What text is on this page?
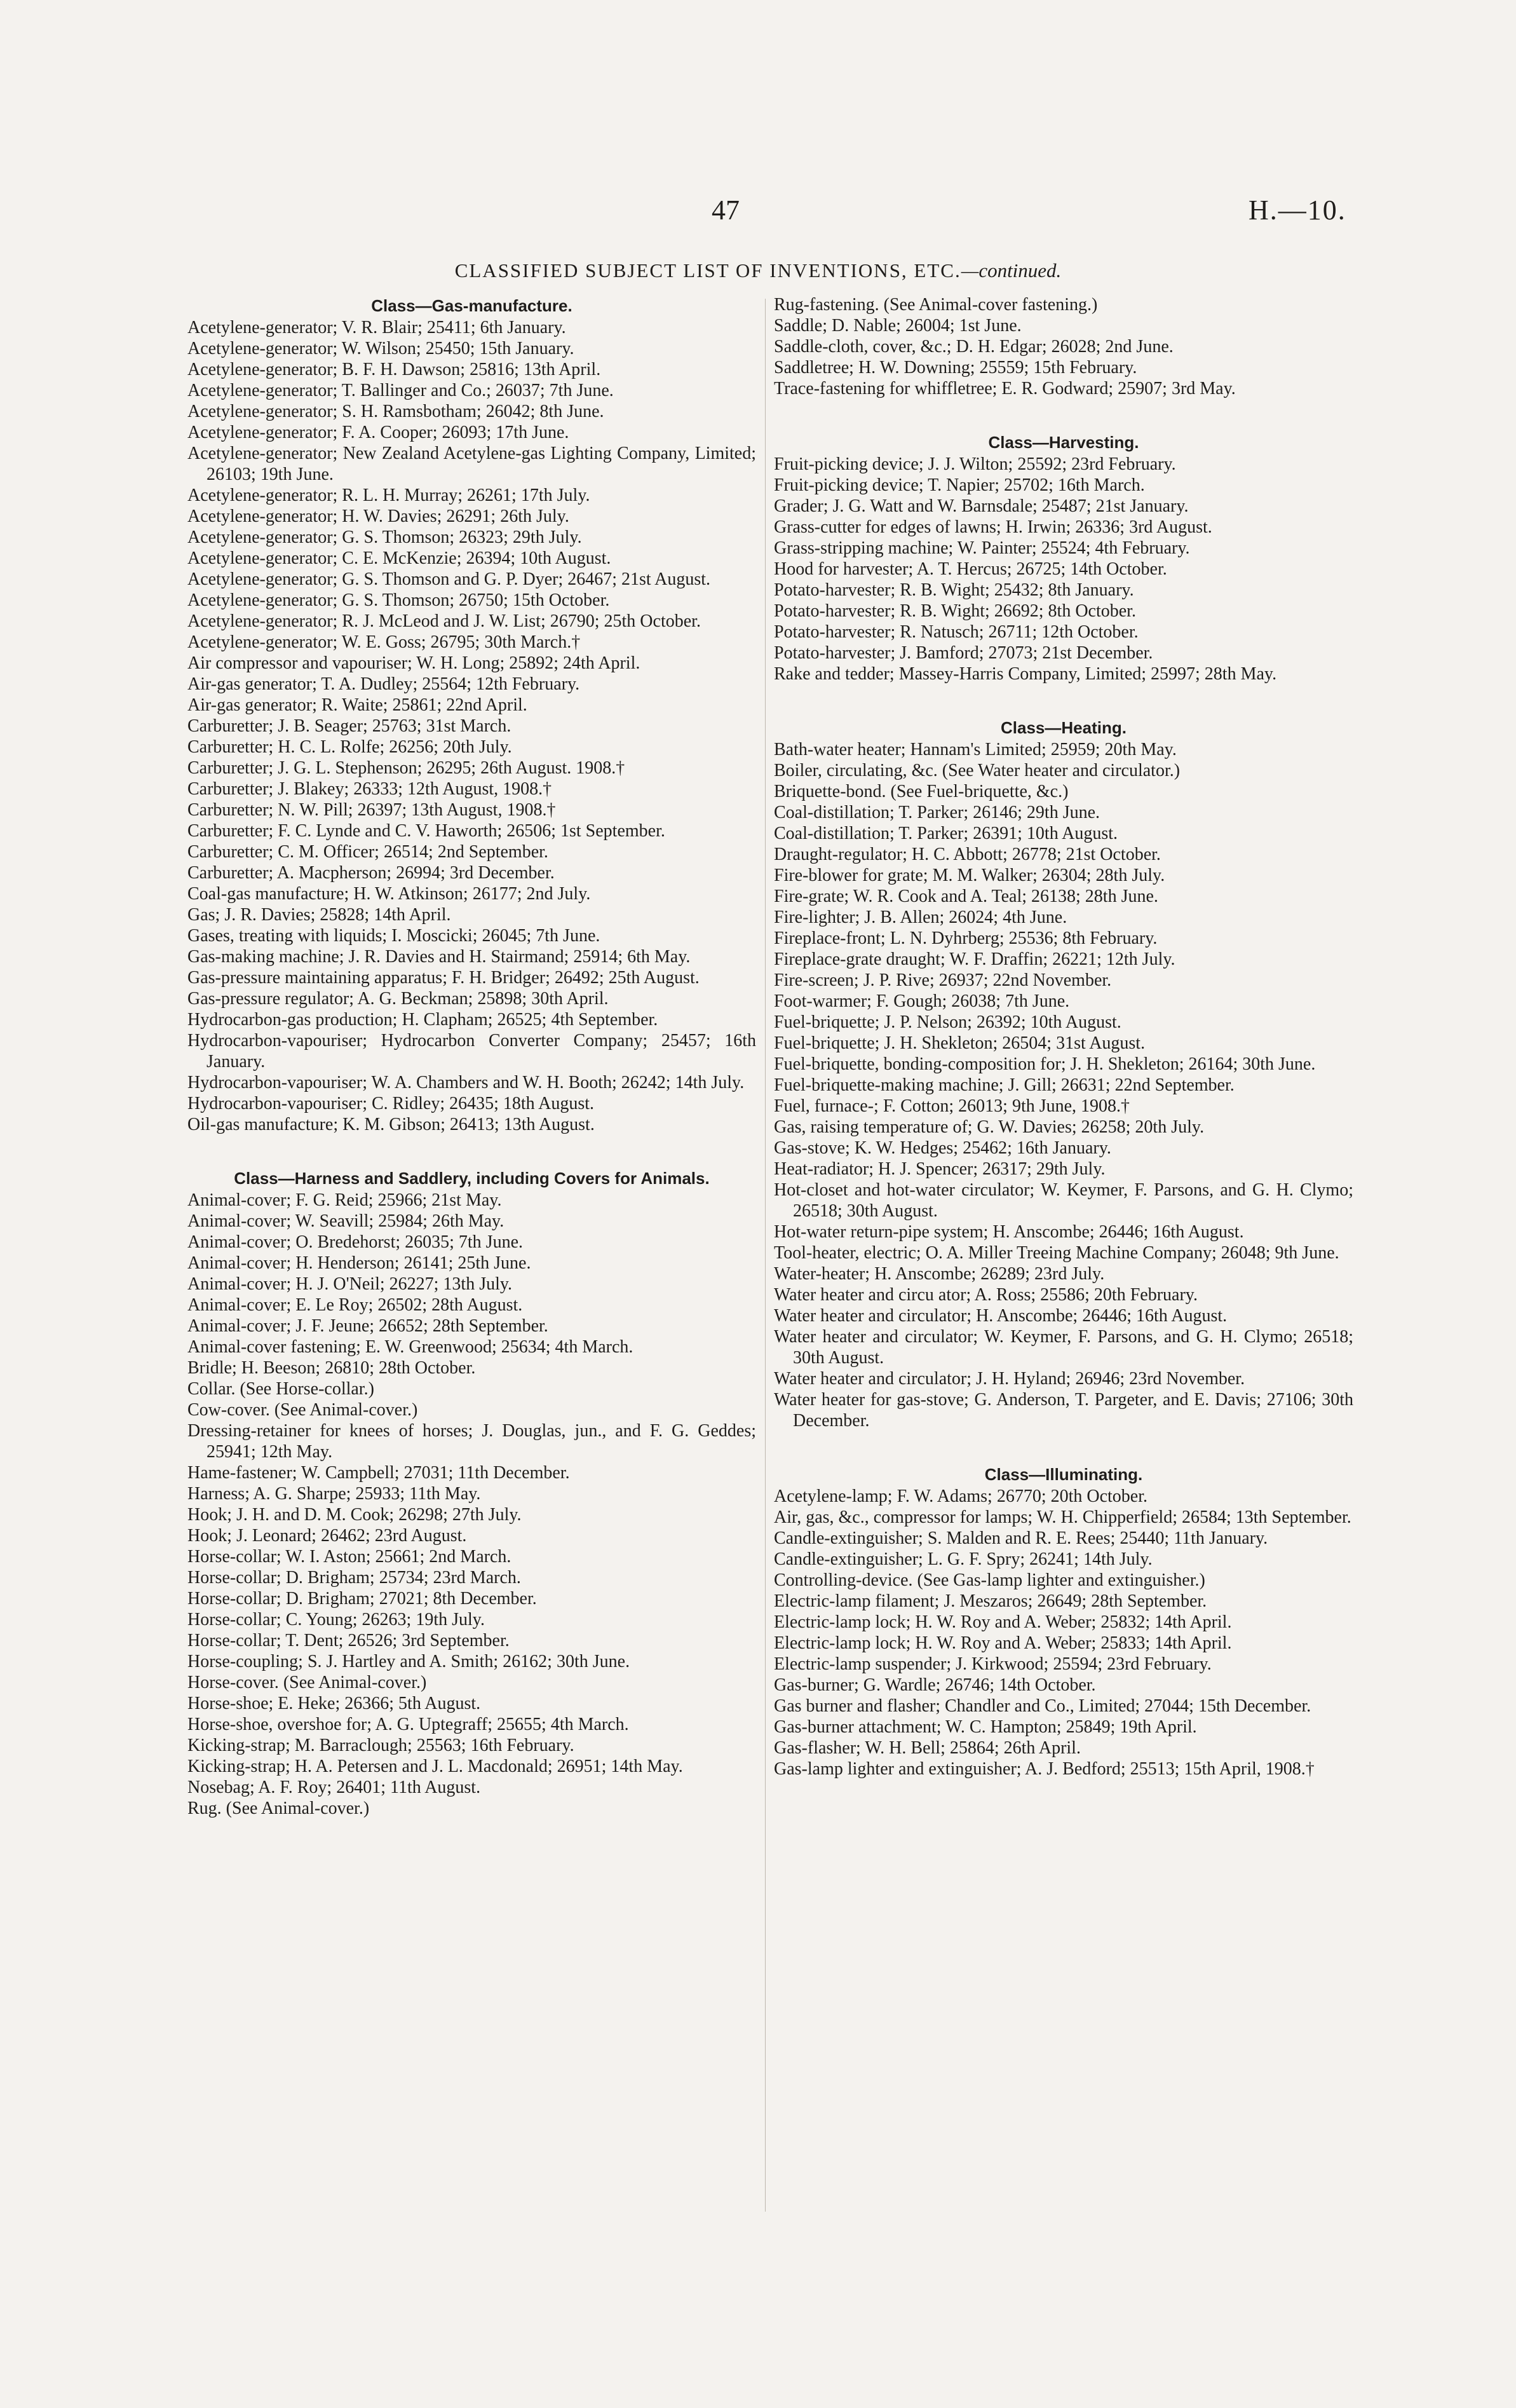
47	H.—10.
CLASSIFIED SUBJECT LIST OF INVENTIONS, ETC.—continued.
Class—Gas-manufacture.
Acetylene-generator; V. R. Blair; 25411; 6th January.
Acetylene-generator; W. Wilson; 25450; 15th January.
Acetylene-generator; B. F. H. Dawson; 25816; 13th April.
Acetylene-generator; T. Ballinger and Co.; 26037; 7th June.
Acetylene-generator; S. H. Ramsbotham; 26042; 8th June.
Acetylene-generator; F. A. Cooper; 26093; 17th June.
Acetylene-generator; New Zealand Acetylene-gas Lighting Company, Limited; 26103; 19th June.
Acetylene-generator; R. L. H. Murray; 26261; 17th July.
Acetylene-generator; H. W. Davies; 26291; 26th July.
Acetylene-generator; G. S. Thomson; 26323; 29th July.
Acetylene-generator; C. E. McKenzie; 26394; 10th August.
Acetylene-generator; G. S. Thomson and G. P. Dyer; 26467; 21st August.
Acetylene-generator; G. S. Thomson; 26750; 15th October.
Acetylene-generator; R. J. McLeod and J. W. List; 26790; 25th October.
Acetylene-generator; W. E. Goss; 26795; 30th March.†
Air compressor and vapouriser; W. H. Long; 25892; 24th April.
Air-gas generator; T. A. Dudley; 25564; 12th February.
Air-gas generator; R. Waite; 25861; 22nd April.
Carburetter; J. B. Seager; 25763; 31st March.
Carburetter; H. C. L. Rolfe; 26256; 20th July.
Carburetter; J. G. L. Stephenson; 26295; 26th August. 1908.†
Carburetter; J. Blakey; 26333; 12th August, 1908.†
Carburetter; N. W. Pill; 26397; 13th August, 1908.†
Carburetter; F. C. Lynde and C. V. Haworth; 26506; 1st September.
Carburetter; C. M. Officer; 26514; 2nd September.
Carburetter; A. Macpherson; 26994; 3rd December.
Coal-gas manufacture; H. W. Atkinson; 26177; 2nd July.
Gas; J. R. Davies; 25828; 14th April.
Gases, treating with liquids; I. Moscicki; 26045; 7th June.
Gas-making machine; J. R. Davies and H. Stairmand; 25914; 6th May.
Gas-pressure maintaining apparatus; F. H. Bridger; 26492; 25th August.
Gas-pressure regulator; A. G. Beckman; 25898; 30th April.
Hydrocarbon-gas production; H. Clapham; 26525; 4th September.
Hydrocarbon-vapouriser; Hydrocarbon Converter Company; 25457; 16th January.
Hydrocarbon-vapouriser; W. A. Chambers and W. H. Booth; 26242; 14th July.
Hydrocarbon-vapouriser; C. Ridley; 26435; 18th August.
Oil-gas manufacture; K. M. Gibson; 26413; 13th August.
Class—Harness and Saddlery, including Covers for Animals.
Animal-cover; F. G. Reid; 25966; 21st May.
Animal-cover; W. Seavill; 25984; 26th May.
Animal-cover; O. Bredehorst; 26035; 7th June.
Animal-cover; H. Henderson; 26141; 25th June.
Animal-cover; H. J. O'Neil; 26227; 13th July.
Animal-cover; E. Le Roy; 26502; 28th August.
Animal-cover; J. F. Jeune; 26652; 28th September.
Animal-cover fastening; E. W. Greenwood; 25634; 4th March.
Bridle; H. Beeson; 26810; 28th October.
Collar. (See Horse-collar.)
Cow-cover. (See Animal-cover.)
Dressing-retainer for knees of horses; J. Douglas, jun., and F. G. Geddes; 25941; 12th May.
Hame-fastener; W. Campbell; 27031; 11th December.
Harness; A. G. Sharpe; 25933; 11th May.
Hook; J. H. and D. M. Cook; 26298; 27th July.
Hook; J. Leonard; 26462; 23rd August.
Horse-collar; W. I. Aston; 25661; 2nd March.
Horse-collar; D. Brigham; 25734; 23rd March.
Horse-collar; D. Brigham; 27021; 8th December.
Horse-collar; C. Young; 26263; 19th July.
Horse-collar; T. Dent; 26526; 3rd September.
Horse-coupling; S. J. Hartley and A. Smith; 26162; 30th June.
Horse-cover. (See Animal-cover.)
Horse-shoe; E. Heke; 26366; 5th August.
Horse-shoe, overshoe for; A. G. Uptegraff; 25655; 4th March.
Kicking-strap; M. Barraclough; 25563; 16th February.
Kicking-strap; H. A. Petersen and J. L. Macdonald; 26951; 14th May.
Nosebag; A. F. Roy; 26401; 11th August.
Rug. (See Animal-cover.)
Rug-fastening. (See Animal-cover fastening.)
Saddle; D. Nable; 26004; 1st June.
Saddle-cloth, cover, &c.; D. H. Edgar; 26028; 2nd June.
Saddletree; H. W. Downing; 25559; 15th February.
Trace-fastening for whiffletree; E. R. Godward; 25907; 3rd May.
Class—Harvesting.
Fruit-picking device; J. J. Wilton; 25592; 23rd February.
Fruit-picking device; T. Napier; 25702; 16th March.
Grader; J. G. Watt and W. Barnsdale; 25487; 21st January.
Grass-cutter for edges of lawns; H. Irwin; 26336; 3rd August.
Grass-stripping machine; W. Painter; 25524; 4th February.
Hood for harvester; A. T. Hercus; 26725; 14th October.
Potato-harvester; R. B. Wight; 25432; 8th January.
Potato-harvester; R. B. Wight; 26692; 8th October.
Potato-harvester; R. Natusch; 26711; 12th October.
Potato-harvester; J. Bamford; 27073; 21st December.
Rake and tedder; Massey-Harris Company, Limited; 25997; 28th May.
Class—Heating.
Bath-water heater; Hannam's Limited; 25959; 20th May.
Boiler, circulating, &c. (See Water heater and circulator.)
Briquette-bond. (See Fuel-briquette, &c.)
Coal-distillation; T. Parker; 26146; 29th June.
Coal-distillation; T. Parker; 26391; 10th August.
Draught-regulator; H. C. Abbott; 26778; 21st October.
Fire-blower for grate; M. M. Walker; 26304; 28th July.
Fire-grate; W. R. Cook and A. Teal; 26138; 28th June.
Fire-lighter; J. B. Allen; 26024; 4th June.
Fireplace-front; L. N. Dyhrberg; 25536; 8th February.
Fireplace-grate draught; W. F. Draffin; 26221; 12th July.
Fire-screen; J. P. Rive; 26937; 22nd November.
Foot-warmer; F. Gough; 26038; 7th June.
Fuel-briquette; J. P. Nelson; 26392; 10th August.
Fuel-briquette; J. H. Shekleton; 26504; 31st August.
Fuel-briquette, bonding-composition for; J. H. Shekleton; 26164; 30th June.
Fuel-briquette-making machine; J. Gill; 26631; 22nd September.
Fuel, furnace-; F. Cotton; 26013; 9th June, 1908.†
Gas, raising temperature of; G. W. Davies; 26258; 20th July.
Gas-stove; K. W. Hedges; 25462; 16th January.
Heat-radiator; H. J. Spencer; 26317; 29th July.
Hot-closet and hot-water circulator; W. Keymer, F. Parsons, and G. H. Clymo; 26518; 30th August.
Hot-water return-pipe system; H. Anscombe; 26446; 16th August.
Tool-heater, electric; O. A. Miller Treeing Machine Company; 26048; 9th June.
Water-heater; H. Anscombe; 26289; 23rd July.
Water heater and circu ator; A. Ross; 25586; 20th February.
Water heater and circulator; H. Anscombe; 26446; 16th August.
Water heater and circulator; W. Keymer, F. Parsons, and G. H. Clymo; 26518; 30th August.
Water heater and circulator; J. H. Hyland; 26946; 23rd November.
Water heater for gas-stove; G. Anderson, T. Pargeter, and E. Davis; 27106; 30th December.
Class—Illuminating.
Acetylene-lamp; F. W. Adams; 26770; 20th October.
Air, gas, &c., compressor for lamps; W. H. Chipperfield; 26584; 13th September.
Candle-extinguisher; S. Malden and R. E. Rees; 25440; 11th January.
Candle-extinguisher; L. G. F. Spry; 26241; 14th July.
Controlling-device. (See Gas-lamp lighter and extinguisher.)
Electric-lamp filament; J. Meszaros; 26649; 28th September.
Electric-lamp lock; H. W. Roy and A. Weber; 25832; 14th April.
Electric-lamp lock; H. W. Roy and A. Weber; 25833; 14th April.
Electric-lamp suspender; J. Kirkwood; 25594; 23rd February.
Gas-burner; G. Wardle; 26746; 14th October.
Gas burner and flasher; Chandler and Co., Limited; 27044; 15th December.
Gas-burner attachment; W. C. Hampton; 25849; 19th April.
Gas-flasher; W. H. Bell; 25864; 26th April.
Gas-lamp lighter and extinguisher; A. J. Bedford; 25513; 15th April, 1908.†
